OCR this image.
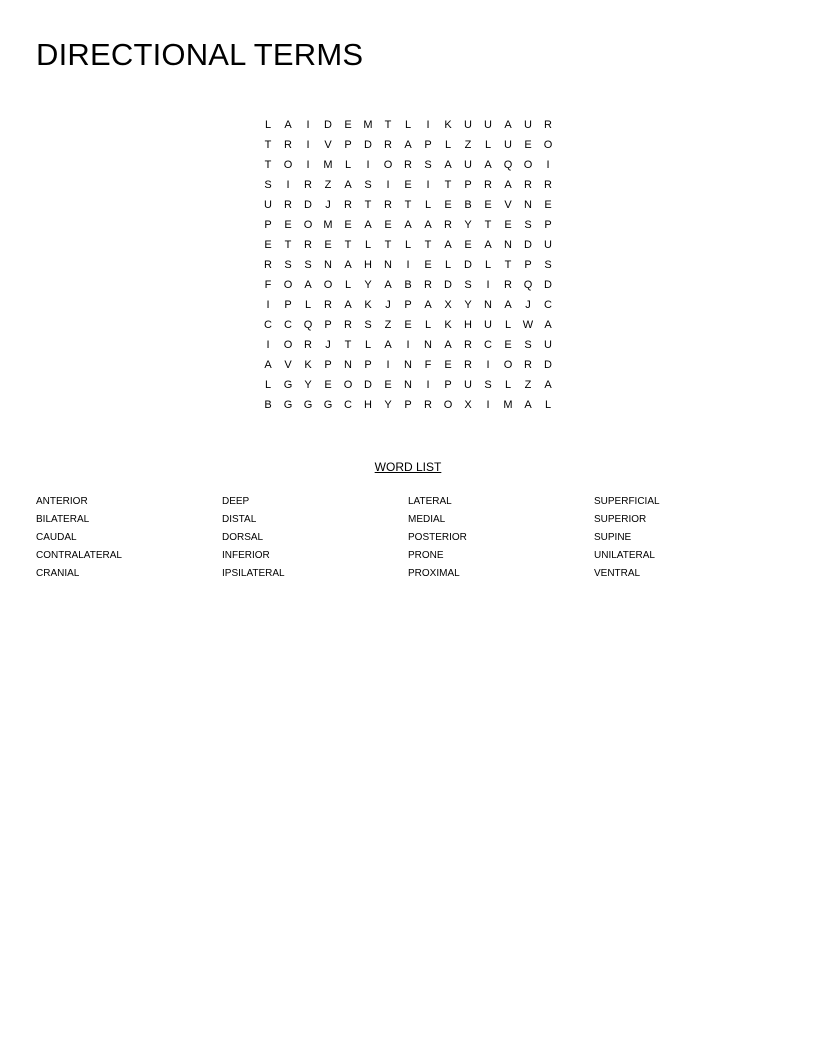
DIRECTIONAL TERMS
L	A	I	D	E	M	T	L	I	K	U	U	A	U	R
T	R	I	V	P	D	R	A	P	L	Z	L	U	E	O
T	O	I	M	L	I	O	R	S	A	U	A	Q	O	I
S	I	R	Z	A	S	I	E	I	T	P	R	A	R	R
U	R	D	J	R	T	R	T	L	E	B	E	V	N	E
P	E	O	M	E	A	E	A	A	R	Y	T	E	S	P
E	T	R	E	T	L	T	L	T	A	E	A	N	D	U
R	S	S	N	A	H	N	I	E	L	D	L	T	P	S
F	O	A	O	L	Y	A	B	R	D	S	I	R	Q	D
I	P	L	R	A	K	J	P	A	X	Y	N	A	J	C
C	C	Q	P	R	S	Z	E	L	K	H	U	L	W	A
I	O	R	J	T	L	A	I	N	A	R	C	E	S	U
A	V	K	P	N	P	I	N	F	E	R	I	O	R	D
L	G	Y	E	O	D	E	N	I	P	U	S	L	Z	A
B	G	G	G	C	H	Y	P	R	O	X	I	M	A	L
WORD LIST
ANTERIOR
BILATERAL
CAUDAL
CONTRALATERAL
CRANIAL
DEEP
DISTAL
DORSAL
INFERIOR
IPSILATERAL
LATERAL
MEDIAL
POSTERIOR
PRONE
PROXIMAL
SUPERFICIAL
SUPERIOR
SUPINE
UNILATERAL
VENTRAL
